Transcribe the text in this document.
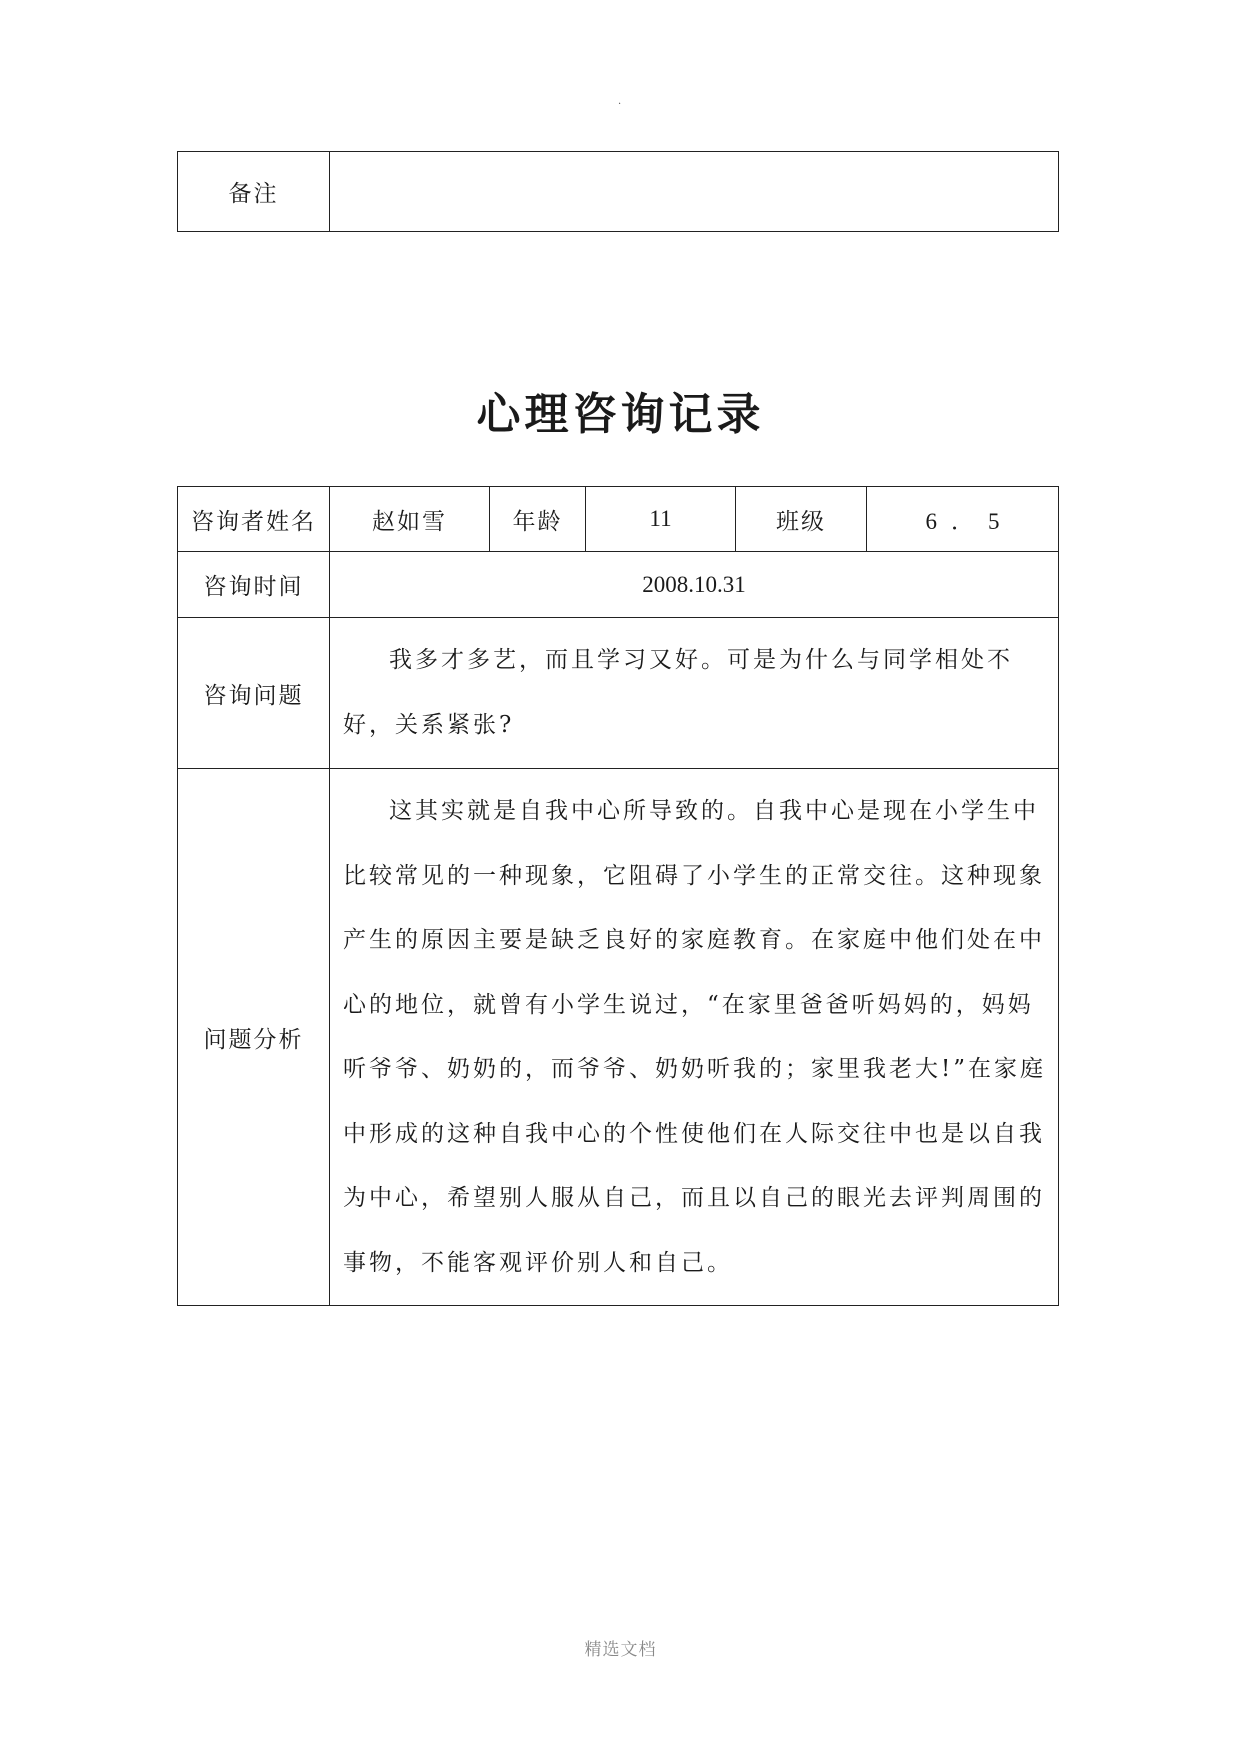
.
备注	
心理咨询记录
咨询者姓名	赵如雪	年龄	11	班级	6．5
咨询时间	2008.10.31				
咨询问题	我多才多艺，而且学习又好。可是为什么与同学相处不好，关系紧张?				

问题分析	这其实就是自我中心所导致的。自我中心是现在小学生中比较常见的一种现象，它阻碍了小学生的正常交往。这种现象产生的原因主要是缺乏良好的家庭教育。在家庭中他们处在中心的地位，就曾有小学生说过，“在家里爸爸听妈妈的，妈妈听爷爷、奶奶的，而爷爷、奶奶听我的；家里我老大!”在家庭中形成的这种自我中心的个性使他们在人际交往中也是以自我为中心，希望别人服从自己，而且以自己的眼光去评判周围的事物，不能客观评价别人和自己。				

精选文档
